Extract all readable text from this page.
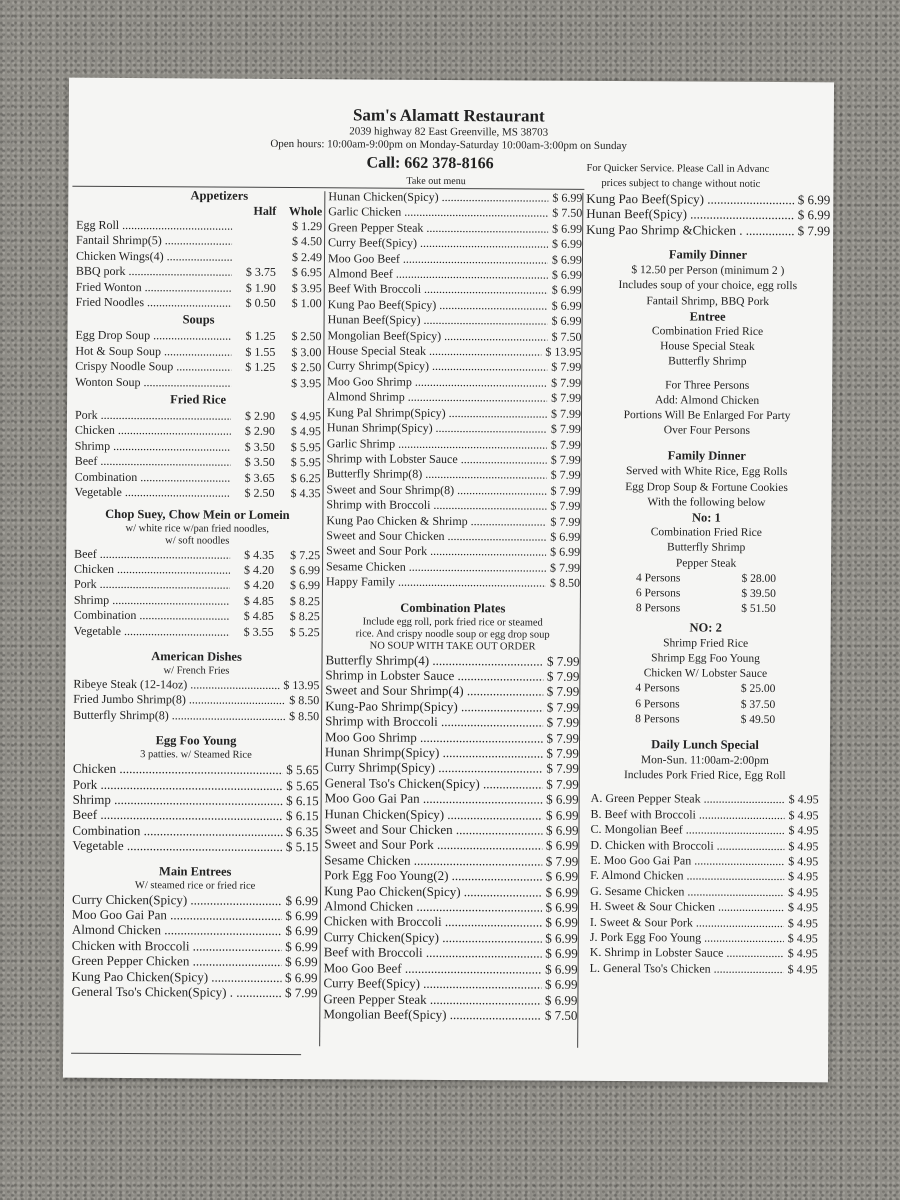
Sam's Alamatt Restaurant
2039 highway 82 East Greenville, MS 38703
Open hours: 10:00am-9:00pm on Monday-Saturday 10:00am-3:00pm on Sunday
Call: 662 378-8166
Take out menu
For Quicker Service. Please Call in Advanc
prices subject to change without notic
Appetizers
Half	Whole
Egg Roll .....	$ 1.29
Fantail Shrimp(5) .....	$ 4.50
Chicken Wings(4) .....	$ 2.49
BBQ pork .....	$ 3.75	$ 6.95
Fried Wonton .....	$ 1.90	$ 3.95
Fried Noodles .....	$ 0.50	$ 1.00
Soups
Egg Drop Soup .....	$ 1.25	$ 2.50
Hot & Soup Soup .....	$ 1.55	$ 3.00
Crispy Noodle Soup .....	$ 1.25	$ 2.50
Wonton Soup .....	$ 3.95
Fried Rice
Pork .....	$ 2.90	$ 4.95
Chicken .....	$ 2.90	$ 4.95
Shrimp .....	$ 3.50	$ 5.95
Beef .....	$ 3.50	$ 5.95
Combination .....	$ 3.65	$ 6.25
Vegetable .....	$ 2.50	$ 4.35
Chop Suey, Chow Mein or Lomein
w/ white rice w/pan fried noodles,
w/ soft noodles
Beef .....	$ 4.35	$ 7.25
Chicken .....	$ 4.20	$ 6.99
Pork .....	$ 4.20	$ 6.99
Shrimp .....	$ 4.85	$ 8.25
Combination .....	$ 4.85	$ 8.25
Vegetable .....	$ 3.55	$ 5.25
American Dishes
w/ French Fries
Ribeye Steak (12-14oz) .....	$ 13.95
Fried Jumbo Shrimp(8) .....	$ 8.50
Butterfly Shrimp(8) .....	$ 8.50
Egg Foo Young
3 patties. w/ Steamed Rice
Chicken .....	$ 5.65
Pork .....	$ 5.65
Shrimp .....	$ 6.15
Beef .....	$ 6.15
Combination .....	$ 6.35
Vegetable .....	$ 5.15
Main Entrees
W/ steamed rice or fried rice
Curry Chicken(Spicy) .....	$ 6.99
Moo Goo Gai Pan .....	$ 6.99
Almond Chicken .....	$ 6.99
Chicken with Broccoli .....	$ 6.99
Green Pepper Chicken .....	$ 6.99
Kung Pao Chicken(Spicy) .....	$ 6.99
General Tso's Chicken(Spicy) . .....	$ 7.99
Hunan Chicken(Spicy) .....	$ 6.99
Garlic Chicken .....	$ 7.50
Green Pepper Steak .....	$ 6.99
Curry Beef(Spicy) .....	$ 6.99
Moo Goo Beef .....	$ 6.99
Almond Beef .....	$ 6.99
Beef With Broccoli .....	$ 6.99
Kung Pao Beef(Spicy) .....	$ 6.99
Hunan Beef(Spicy) .....	$ 6.99
Mongolian Beef(Spicy) .....	$ 7.50
House Special Steak .....	$ 13.95
Curry Shrimp(Spicy) .....	$ 7.99
Moo Goo Shrimp .....	$ 7.99
Almond Shrimp .....	$ 7.99
Kung Pal Shrimp(Spicy) .....	$ 7.99
Hunan Shrimp(Spicy) .....	$ 7.99
Garlic Shrimp .....	$ 7.99
Shrimp with Lobster Sauce .....	$ 7.99
Butterfly Shrimp(8) .....	$ 7.99
Sweet and Sour Shrimp(8) .....	$ 7.99
Shrimp with Broccoli .....	$ 7.99
Kung Pao Chicken & Shrimp .....	$ 7.99
Sweet and Sour Chicken .....	$ 6.99
Sweet and Sour Pork .....	$ 6.99
Sesame Chicken .....	$ 7.99
Happy Family .....	$ 8.50
Combination Plates
Include egg roll, pork fried rice or steamed
rice. And crispy noodle soup or egg drop soup
NO SOUP WITH TAKE OUT ORDER
Butterfly Shrimp(4) .....	$ 7.99
Shrimp in Lobster Sauce .....	$ 7.99
Sweet and Sour Shrimp(4) .....	$ 7.99
Kung-Pao Shrimp(Spicy) .....	$ 7.99
Shrimp with Broccoli .....	$ 7.99
Moo Goo Shrimp .....	$ 7.99
Hunan Shrimp(Spicy) .....	$ 7.99
Curry Shrimp(Spicy) .....	$ 7.99
General Tso's Chicken(Spicy) .....	$ 7.99
Moo Goo Gai Pan .....	$ 6.99
Hunan Chicken(Spicy) .....	$ 6.99
Sweet and Sour Chicken .....	$ 6.99
Sweet and Sour Pork .....	$ 6.99
Sesame Chicken .....	$ 7.99
Pork Egg Foo Young(2) .....	$ 6.99
Kung Pao Chicken(Spicy) .....	$ 6.99
Almond Chicken .....	$ 6.99
Chicken with Broccoli .....	$ 6.99
Curry Chicken(Spicy) .....	$ 6.99
Beef with Broccoli .....	$ 6.99
Moo Goo Beef .....	$ 6.99
Curry Beef(Spicy) .....	$ 6.99
Green Pepper Steak .....	$ 6.99
Mongolian Beef(Spicy) .....	$ 7.50
Kung Pao Beef(Spicy) .....	$ 6.99
Hunan Beef(Spicy) .....	$ 6.99
Kung Pao Shrimp &Chicken . .....	$ 7.99
Family Dinner
$ 12.50 per Person (minimum 2 )
Includes soup of your choice, egg rolls
Fantail Shrimp, BBQ Pork
Entree
Combination Fried Rice
House Special Steak
Butterfly Shrimp
For Three Persons
Add: Almond Chicken
Portions Will Be Enlarged For Party
Over Four Persons
Family Dinner
Served with White Rice, Egg Rolls
Egg Drop Soup & Fortune Cookies
With the following below
No: 1
Combination Fried Rice
Butterfly Shrimp
Pepper Steak
4 Persons	$ 28.00
6 Persons	$ 39.50
8 Persons	$ 51.50
NO: 2
Shrimp Fried Rice
Shrimp Egg Foo Young
Chicken W/ Lobster Sauce
4 Persons	$ 25.00
6 Persons	$ 37.50
8 Persons	$ 49.50
Daily Lunch Special
Mon-Sun. 11:00am-2:00pm
Includes Pork Fried Rice, Egg Roll
A. Green Pepper Steak .....	$ 4.95
B. Beef with Broccoli .....	$ 4.95
C. Mongolian Beef .....	$ 4.95
D. Chicken with Broccoli .....	$ 4.95
E. Moo Goo Gai Pan .....	$ 4.95
F. Almond Chicken .....	$ 4.95
G. Sesame Chicken .....	$ 4.95
H. Sweet & Sour Chicken .....	$ 4.95
I. Sweet & Sour Pork .....	$ 4.95
J. Pork Egg Foo Young .....	$ 4.95
K. Shrimp in Lobster Sauce .....	$ 4.95
L. General Tso's Chicken .....	$ 4.95
